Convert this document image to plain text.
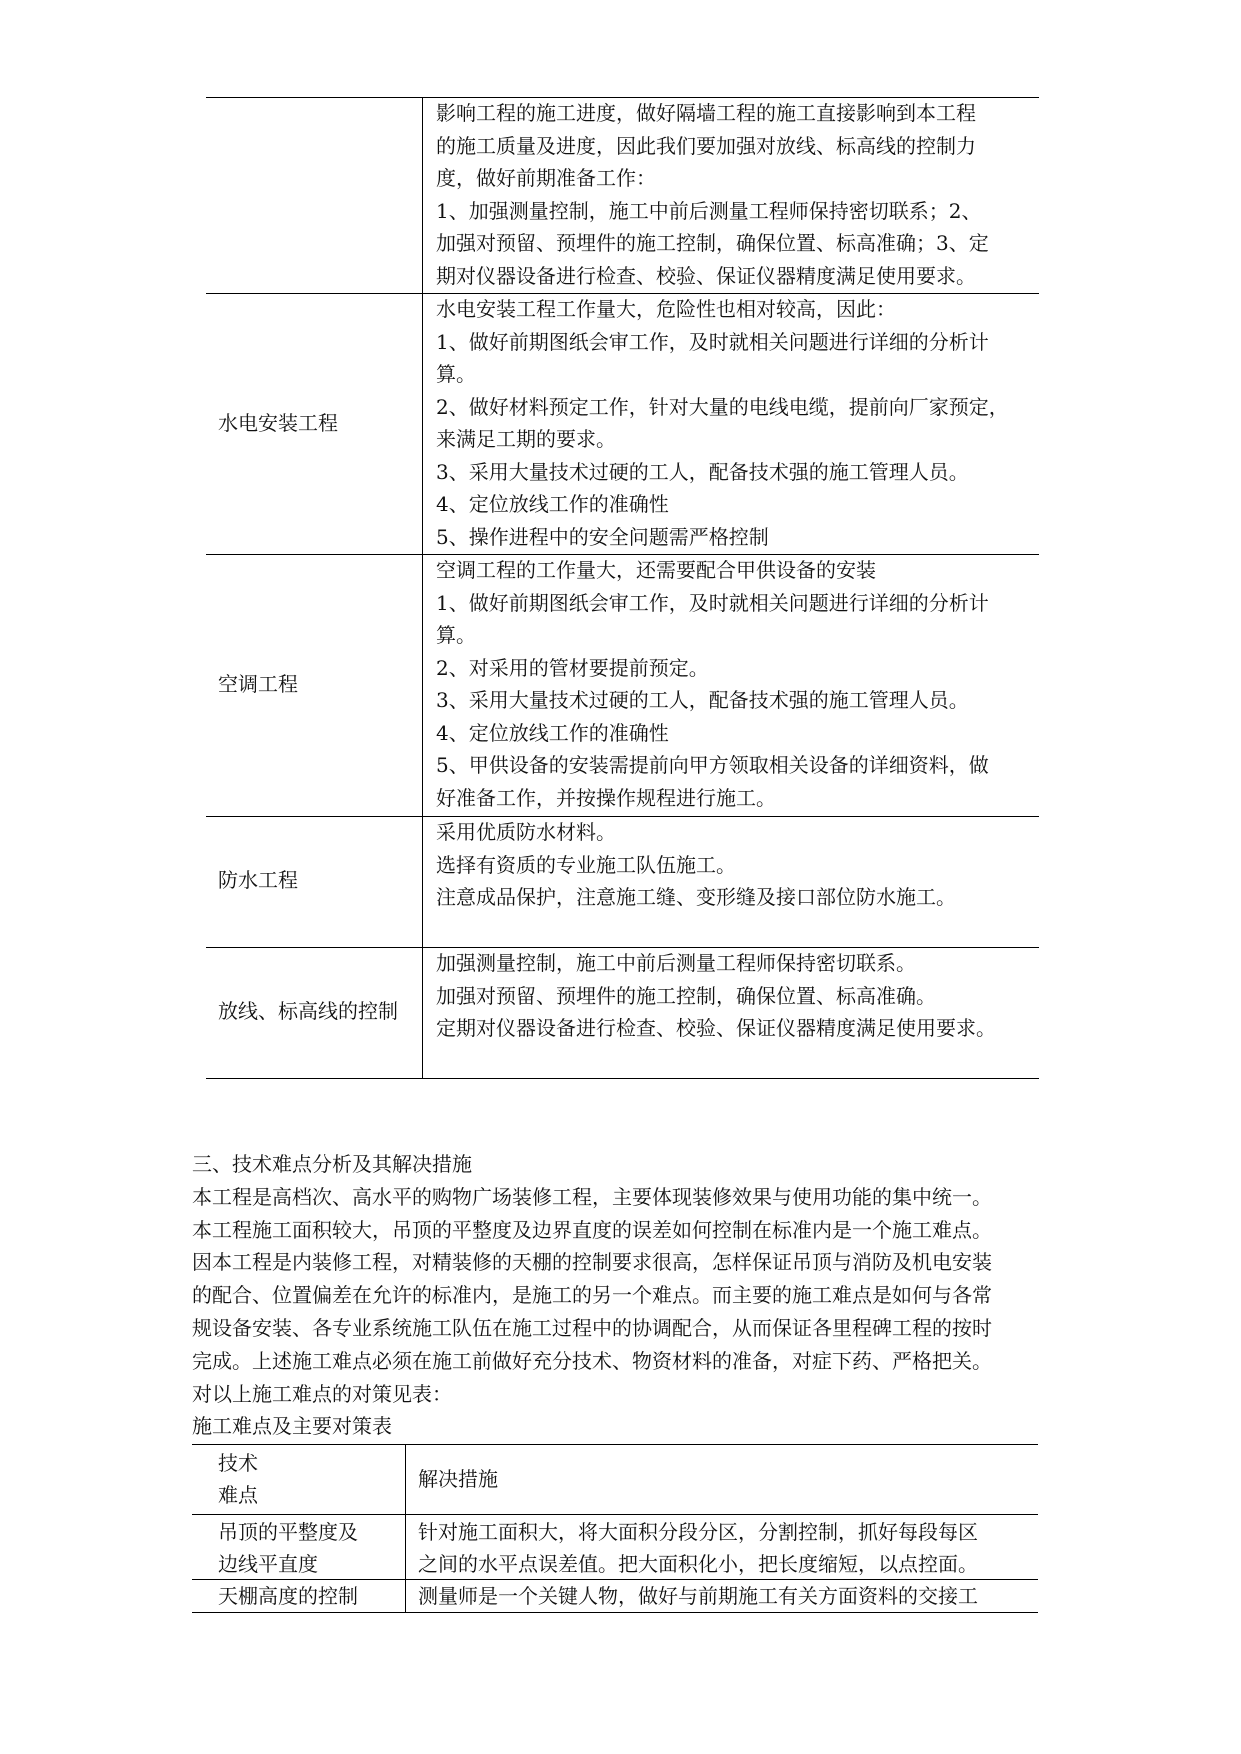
影响工程的施工进度，做好隔墙工程的施工直接影响到本工程
的施工质量及进度，因此我们要加强对放线、标高线的控制力
度，做好前期准备工作：
1、加强测量控制，施工中前后测量工程师保持密切联系；2、
加强对预留、预埋件的施工控制，确保位置、标高准确；3、定
期对仪器设备进行检查、校验、保证仪器精度满足使用要求。
水电安装工程
水电安装工程工作量大，危险性也相对较高，因此：
1、做好前期图纸会审工作，及时就相关问题进行详细的分析计
算。
2、做好材料预定工作，针对大量的电线电缆，提前向厂家预定，
来满足工期的要求。
3、采用大量技术过硬的工人，配备技术强的施工管理人员。
4、定位放线工作的准确性
5、操作进程中的安全问题需严格控制
空调工程
空调工程的工作量大，还需要配合甲供设备的安装
1、做好前期图纸会审工作，及时就相关问题进行详细的分析计
算。
2、对采用的管材要提前预定。
3、采用大量技术过硬的工人，配备技术强的施工管理人员。
4、定位放线工作的准确性
5、甲供设备的安装需提前向甲方领取相关设备的详细资料，做
好准备工作，并按操作规程进行施工。
防水工程
采用优质防水材料。
选择有资质的专业施工队伍施工。
注意成品保护，注意施工缝、变形缝及接口部位防水施工。
放线、标高线的控制
加强测量控制，施工中前后测量工程师保持密切联系。
加强对预留、预埋件的施工控制，确保位置、标高准确。
定期对仪器设备进行检查、校验、保证仪器精度满足使用要求。
三、技术难点分析及其解决措施
本工程是高档次、高水平的购物广场装修工程，主要体现装修效果与使用功能的集中统一。
本工程施工面积较大，吊顶的平整度及边界直度的误差如何控制在标准内是一个施工难点。
因本工程是内装修工程，对精装修的天棚的控制要求很高，怎样保证吊顶与消防及机电安装
的配合、位置偏差在允许的标准内，是施工的另一个难点。而主要的施工难点是如何与各常
规设备安装、各专业系统施工队伍在施工过程中的协调配合，从而保证各里程碑工程的按时
完成。上述施工难点必须在施工前做好充分技术、物资材料的准备，对症下药、严格把关。
对以上施工难点的对策见表：
施工难点及主要对策表
技术
难点
解决措施
吊顶的平整度及
边线平直度
针对施工面积大，将大面积分段分区，分割控制，抓好每段每区
之间的水平点误差值。把大面积化小，把长度缩短，以点控面。
天棚高度的控制	测量师是一个关键人物，做好与前期施工有关方面资料的交接工
